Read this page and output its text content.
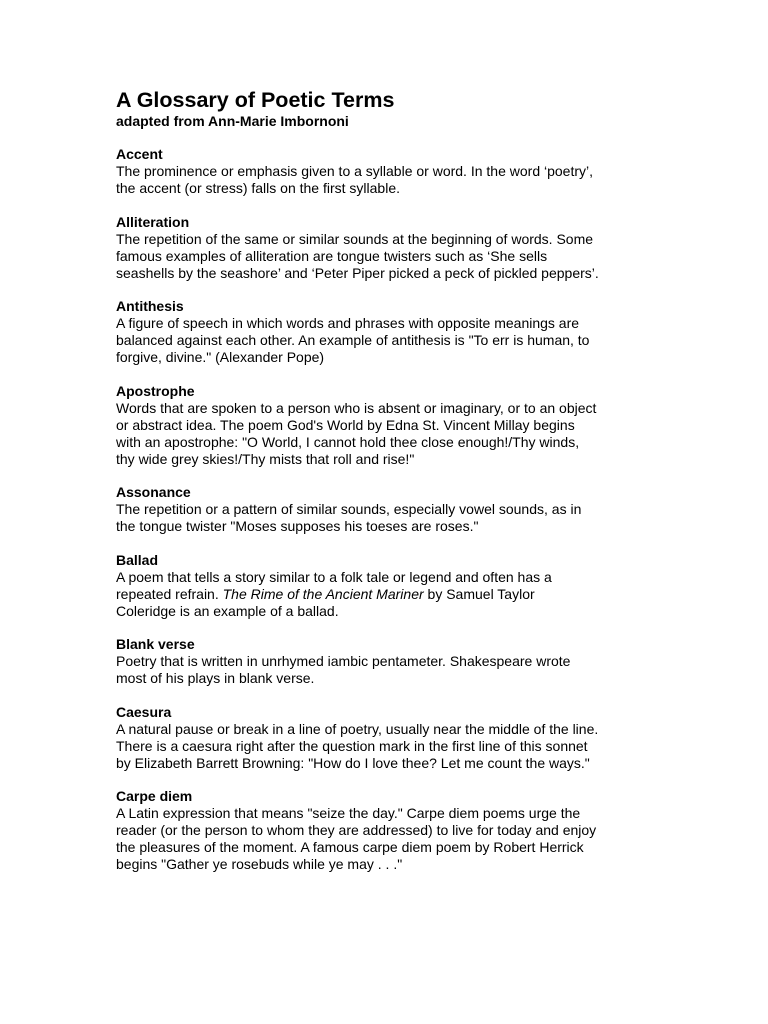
A Glossary of Poetic Terms

adapted from Ann-Marie Imbornoni

Accent

The prominence or emphasis given to a syllable or word. In the word ‘poetry’,
the accent (or stress) falls on the first syllable.

Alliteration

The repetition of the same or similar sounds at the beginning of words. Some
famous examples of alliteration are tongue twisters such as ‘She sells
seashells by the seashore’ and ‘Peter Piper picked a peck of pickled peppers’.

Antithesis

A figure of speech in which words and phrases with opposite meanings are
balanced against each other. An example of antithesis is "To err is human, to
forgive, divine." (Alexander Pope)

Apostrophe

Words that are spoken to a person who is absent or imaginary, or to an object
or abstract idea. The poem God's World by Edna St. Vincent Millay begins
with an apostrophe: "O World, I cannot hold thee close enough!/Thy winds,
thy wide grey skies!/Thy mists that roll and rise!"

Assonance

The repetition or a pattern of similar sounds, especially vowel sounds, as in
the tongue twister "Moses supposes his toeses are roses."

Ballad

A poem that tells a story similar to a folk tale or legend and often has a
repeated refrain. The Rime of the Ancient Mariner by Samuel Taylor
Coleridge is an example of a ballad.

Blank verse

Poetry that is written in unrhymed iambic pentameter. Shakespeare wrote
most of his plays in blank verse.

Caesura

A natural pause or break in a line of poetry, usually near the middle of the line.
There is a caesura right after the question mark in the first line of this sonnet
by Elizabeth Barrett Browning: "How do I love thee? Let me count the ways."

Carpe diem

A Latin expression that means "seize the day." Carpe diem poems urge the
reader (or the person to whom they are addressed) to live for today and enjoy
the pleasures of the moment. A famous carpe diem poem by Robert Herrick
begins "Gather ye rosebuds while ye may . . ."
